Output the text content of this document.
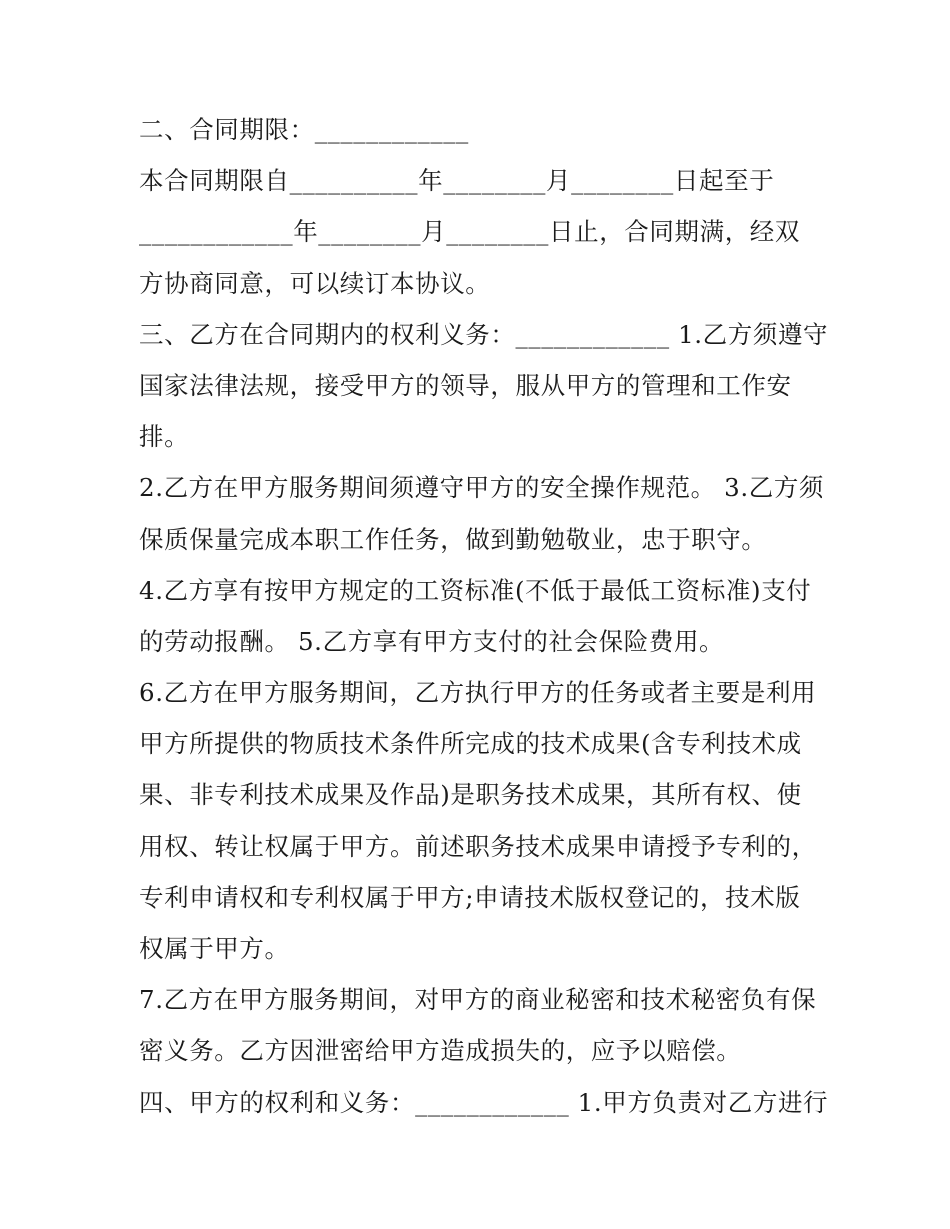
二、合同期限：____________
本合同期限自__________年________月________日起至于
____________年________月________日止，合同期满，经双
方协商同意，可以续订本协议。
三、乙方在合同期内的权利义务：____________ 1.乙方须遵守
国家法律法规，接受甲方的领导，服从甲方的管理和工作安
排。
2.乙方在甲方服务期间须遵守甲方的安全操作规范。 3.乙方须
保质保量完成本职工作任务，做到勤勉敬业，忠于职守。
4.乙方享有按甲方规定的工资标准(不低于最低工资标准)支付
的劳动报酬。 5.乙方享有甲方支付的社会保险费用。
6.乙方在甲方服务期间，乙方执行甲方的任务或者主要是利用
甲方所提供的物质技术条件所完成的技术成果(含专利技术成
果、非专利技术成果及作品)是职务技术成果，其所有权、使
用权、转让权属于甲方。前述职务技术成果申请授予专利的，
专利申请权和专利权属于甲方;申请技术版权登记的，技术版
权属于甲方。
7.乙方在甲方服务期间，对甲方的商业秘密和技术秘密负有保
密义务。乙方因泄密给甲方造成损失的，应予以赔偿。
四、甲方的权利和义务：____________ 1.甲方负责对乙方进行
